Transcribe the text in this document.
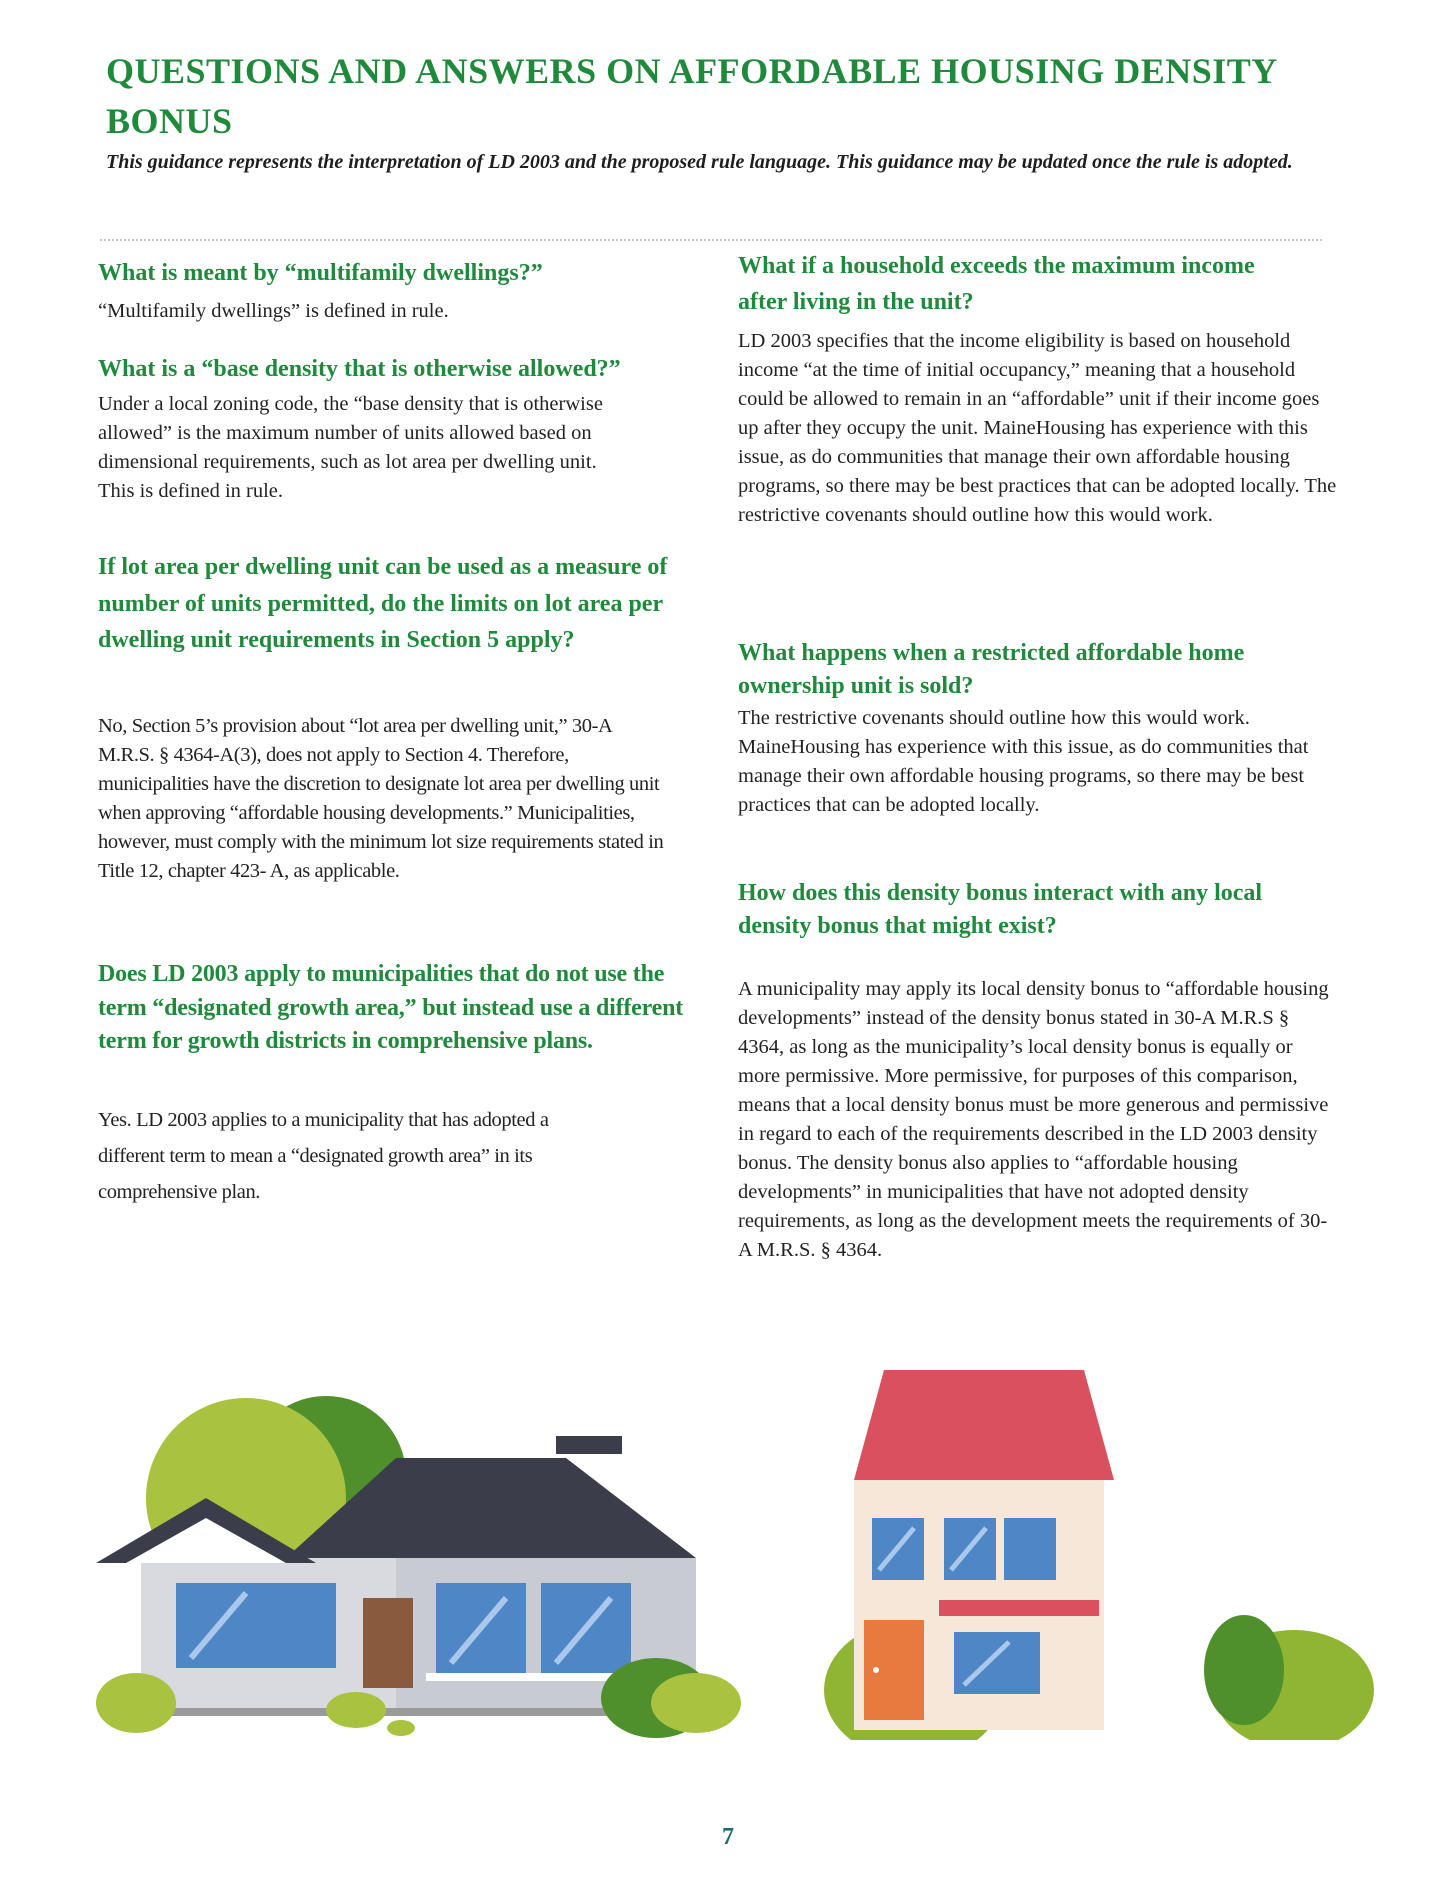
QUESTIONS AND ANSWERS ON AFFORDABLE HOUSING DENSITY BONUS

This guidance represents the interpretation of LD 2003 and the proposed rule language. This guidance may be updated once the rule is adopted.

What is meant by “multifamily dwellings?”

“Multifamily dwellings” is defined in rule.

What is a “base density that is otherwise allowed?”

Under a local zoning code, the “base density that is otherwise allowed” is the maximum number of units allowed based on dimensional requirements, such as lot area per dwelling unit. This is defined in rule.

If lot area per dwelling unit can be used as a measure of number of units permitted, do the limits on lot area per dwelling unit requirements in Section 5 apply?

No, Section 5’s provision about “lot area per dwelling unit,” 30-A M.R.S. § 4364-A(3), does not apply to Section 4. Therefore, municipalities have the discretion to designate lot area per dwelling unit when approving “affordable housing developments.” Municipalities, however, must comply with the minimum lot size requirements stated in Title 12, chapter 423- A, as applicable.

Does LD 2003 apply to municipalities that do not use the term “designated growth area,” but instead use a different term for growth districts in comprehensive plans.

Yes. LD 2003 applies to a municipality that has adopted a different term to mean a “designated growth area” in its comprehensive plan.

What if a household exceeds the maximum income after living in the unit?

LD 2003 specifies that the income eligibility is based on household income “at the time of initial occupancy,” meaning that a household could be allowed to remain in an “affordable” unit if their income goes up after they occupy the unit. MaineHousing has experience with this issue, as do communities that manage their own affordable housing programs, so there may be best practices that can be adopted locally. The restrictive covenants should outline how this would work.

What happens when a restricted affordable home ownership unit is sold?

The restrictive covenants should outline how this would work. MaineHousing has experience with this issue, as do communities that manage their own affordable housing programs, so there may be best practices that can be adopted locally.

How does this density bonus interact with any local density bonus that might exist?

A municipality may apply its local density bonus to “affordable housing developments” instead of the density bonus stated in 30-A M.R.S § 4364, as long as the municipality’s local density bonus is equally or more permissive. More permissive, for purposes of this comparison, means that a local density bonus must be more generous and permissive in regard to each of the requirements described in the LD 2003 density bonus. The density bonus also applies to “affordable housing developments” in municipalities that have not adopted density requirements, as long as the development meets the requirements of 30-A M.R.S. § 4364.

7
